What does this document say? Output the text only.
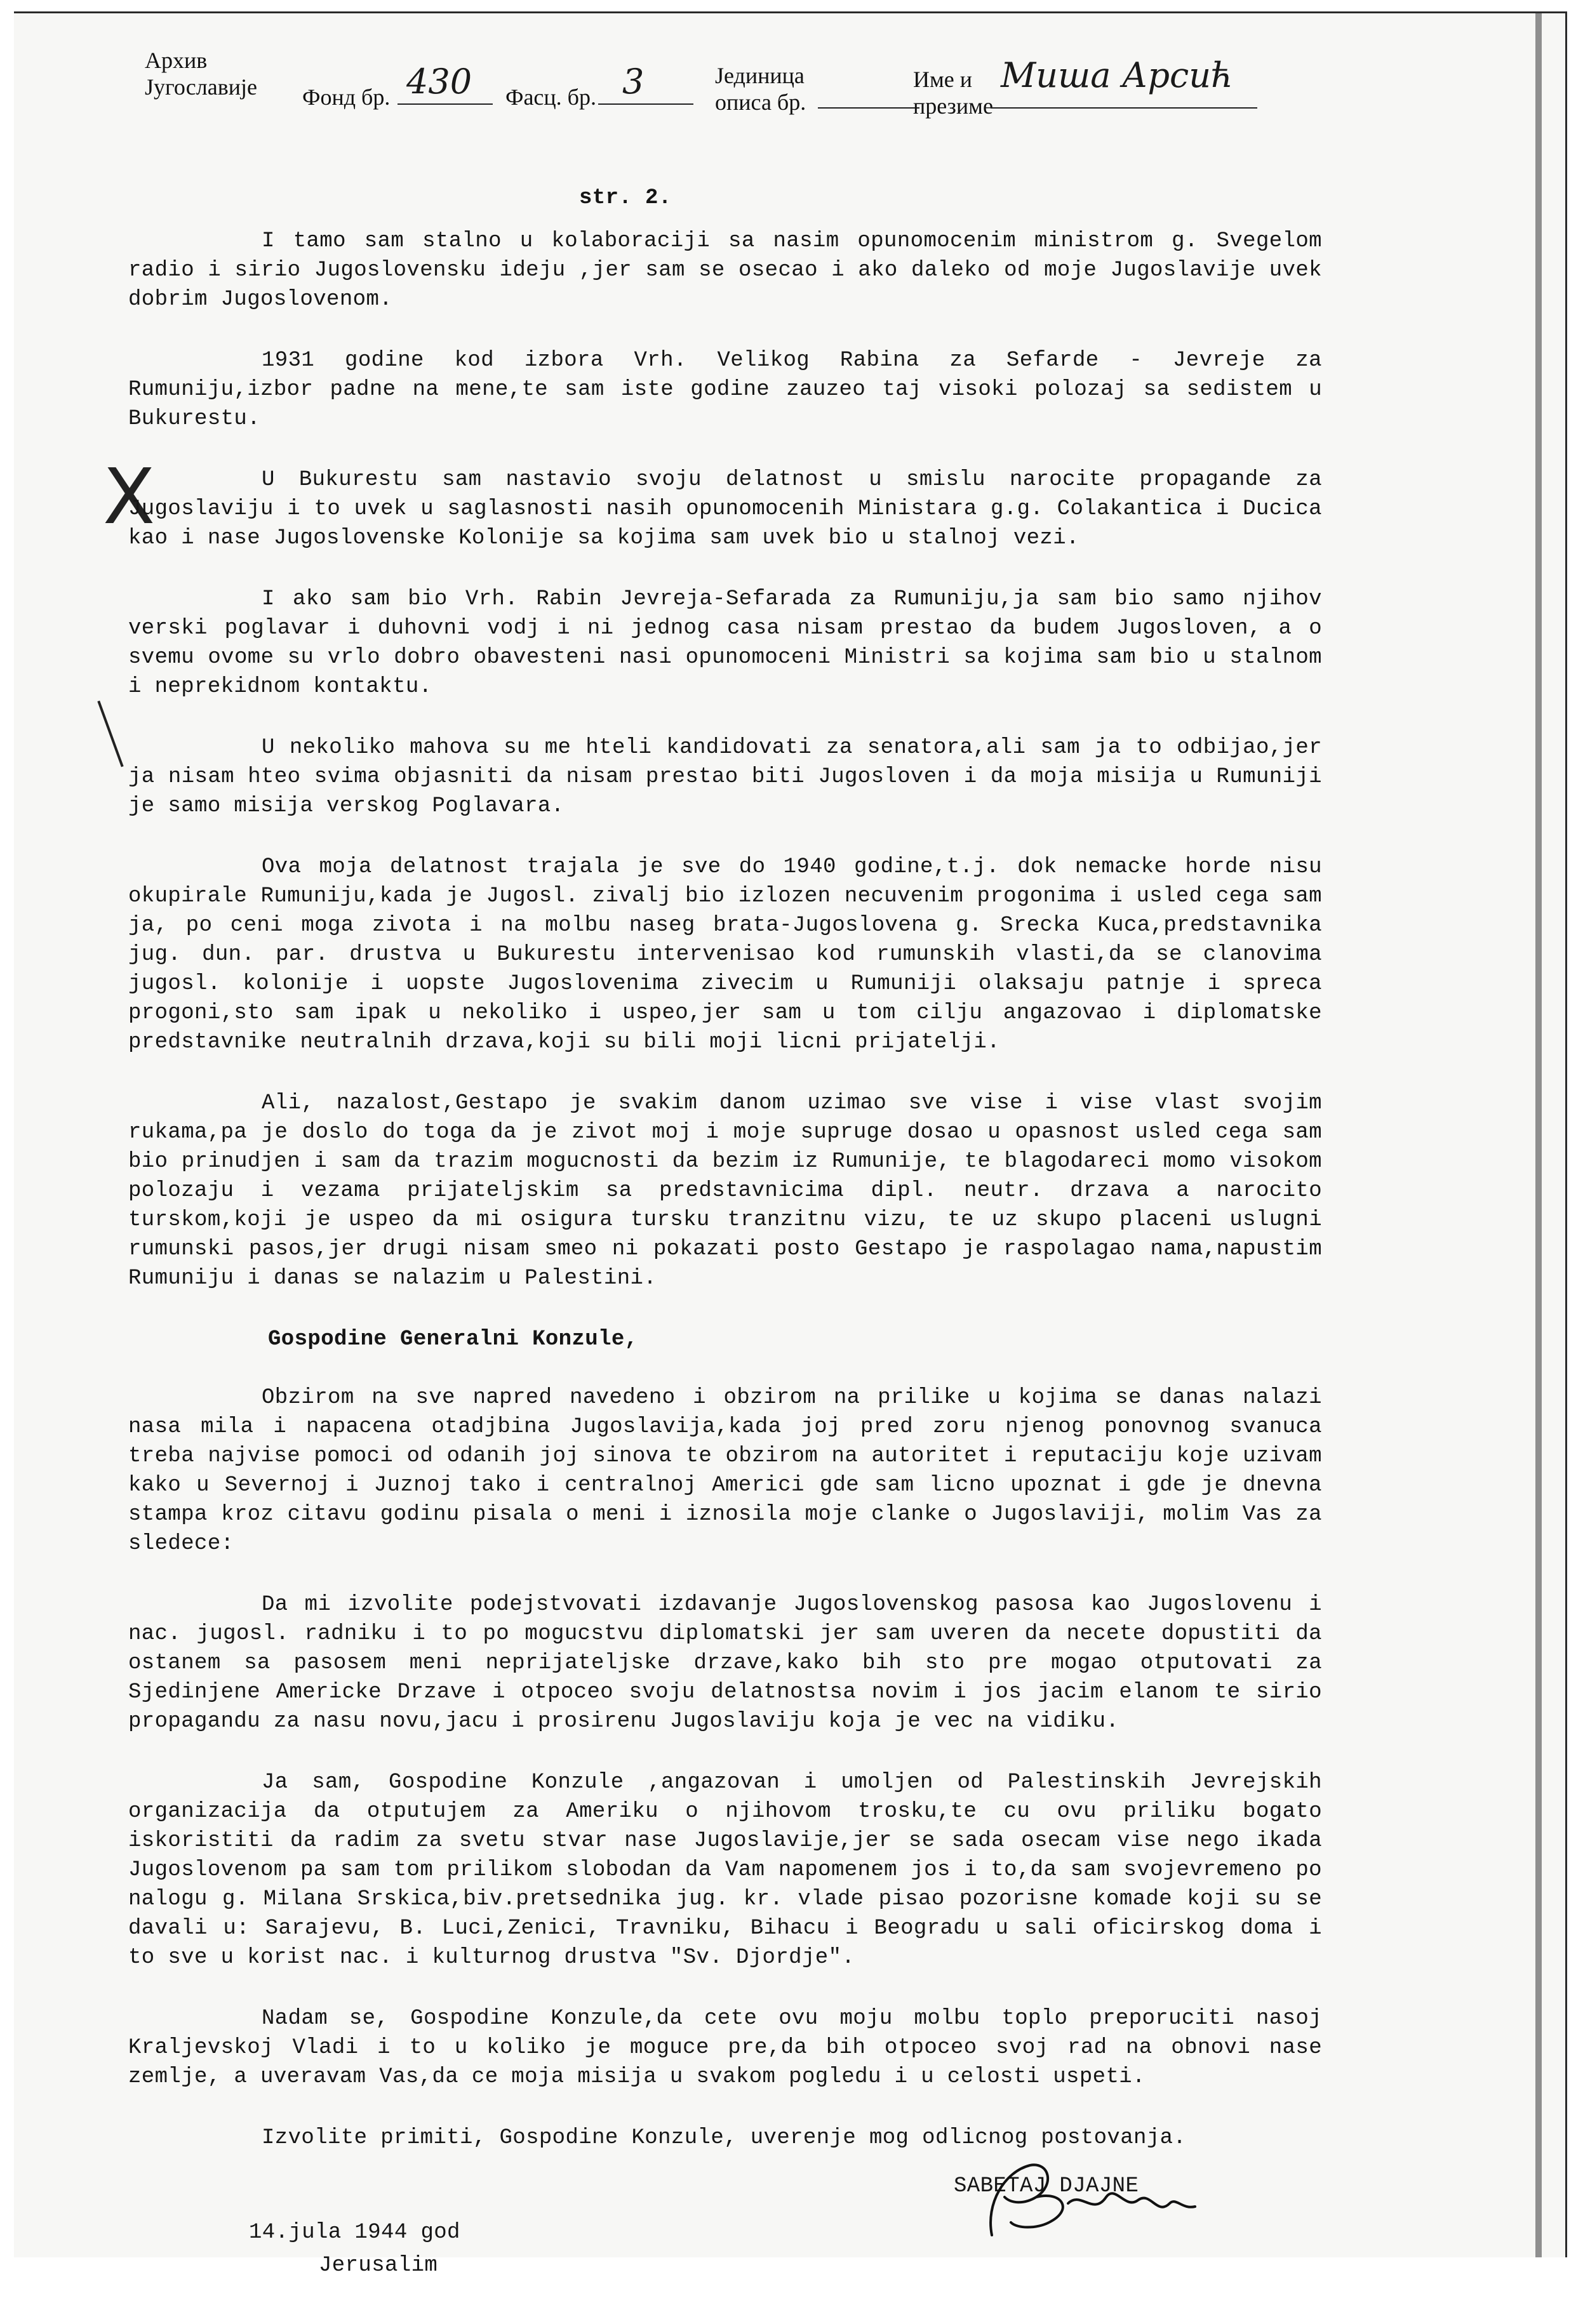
Архив
Југославије Фонд бр. 430 Фасц. бр. 3	Јединица
описа бр.
Име и
презиме
Миша Арсић
X
str. 2.

I tamo sam stalno u kolaboraciji sa nasim opunomocenim ministrom g. Svegelom radio i sirio Jugoslovensku ideju ,jer sam se osecao i ako daleko od moje Jugoslavije uvek dobrim Jugoslovenom.

1931 godine kod izbora Vrh. Velikog Rabina za Sefarde - Jevreje za Rumuniju,izbor padne na mene,te sam iste godine zauzeo taj visoki polozaj sa sedistem u Bukurestu.

U Bukurestu sam nastavio svoju delatnost u smislu narocite propagande za Jugoslaviju i to uvek u saglasnosti nasih opunomocenih Ministara g.g. Colakantica i Ducica kao i nase Jugoslovenske Kolonije sa kojima sam uvek bio u stalnoj vezi.

I ako sam bio Vrh. Rabin Jevreja-Sefarada za Rumuniju,ja sam bio samo njihov verski poglavar i duhovni vodj i ni jednog casa nisam prestao da budem Jugosloven, a o svemu ovome su vrlo dobro obavesteni nasi opunomoceni Ministri sa kojima sam bio u stalnom i neprekidnom kontaktu.

U nekoliko mahova su me hteli kandidovati za senatora,ali sam ja to odbijao,jer ja nisam hteo svima objasniti da nisam prestao biti Jugosloven i da moja misija u Rumuniji je samo misija verskog Poglavara.

Ova moja delatnost trajala je sve do 1940 godine,t.j. dok nemacke horde nisu okupirale Rumuniju,kada je Jugosl. zivalj bio izlozen necuvenim progonima i usled cega sam ja, po ceni moga zivota i na molbu naseg brata-Jugoslovena g. Srecka Kuca,predstavnika jug. dun. par. drustva u Bukurestu intervenisao kod rumunskih vlasti,da se clanovima jugosl. kolonije i uopste Jugoslovenima zivecim u Rumuniji olaksaju patnje i spreca progoni,sto sam ipak u nekoliko i uspeo,jer sam u tom cilju angazovao i diplomatske predstavnike neutralnih drzava,koji su bili moji licni prijatelji.

Ali, nazalost,Gestapo je svakim danom uzimao sve vise i vise vlast svojim rukama,pa je doslo do toga da je zivot moj i moje supruge dosao u opasnost usled cega sam bio prinudjen i sam da trazim mogucnosti da bezim iz Rumunije, te blagodareci momo visokom polozaju i vezama prijateljskim sa predstavnicima dipl. neutr. drzava a narocito turskom,koji je uspeo da mi osigura tursku tranzitnu vizu, te uz skupo placeni uslugni rumunski pasos,jer drugi nisam smeo ni pokazati posto Gestapo je raspolagao nama,napustim Rumuniju i danas se nalazim u Palestini.

Gospodine Generalni Konzule,

Obzirom na sve napred navedeno i obzirom na prilike u kojima se danas nalazi nasa mila i napacena otadjbina Jugoslavija,kada joj pred zoru njenog ponovnog svanuca treba najvise pomoci od odanih joj sinova te obzirom na autoritet i reputaciju koje uzivam kako u Severnoj i Juznoj tako i centralnoj Americi gde sam licno upoznat i gde je dnevna stampa kroz citavu godinu pisala o meni i iznosila moje clanke o Jugoslaviji, molim Vas za sledece:

Da mi izvolite podejstvovati izdavanje Jugoslovenskog pasosa kao Jugoslovenu i nac. jugosl. radniku i to po mogucstvu diplomatski jer sam uveren da necete dopustiti da ostanem sa pasosem meni neprijateljske drzave,kako bih sto pre mogao otputovati za Sjedinjene Americke Drzave i otpoceo svoju delatnostsa novim i jos jacim elanom te sirio propagandu za nasu novu,jacu i prosirenu Jugoslaviju koja je vec na vidiku.

Ja sam, Gospodine Konzule ,angazovan i umoljen od Palestinskih Jevrejskih organizacija da otputujem za Ameriku o njihovom trosku,te cu ovu priliku bogato iskoristiti da radim za svetu stvar nase Jugoslavije,jer se sada osecam vise nego ikada Jugoslovenom pa sam tom prilikom slobodan da Vam napomenem jos i to,da sam svojevremeno po nalogu g. Milana Srskica,biv.pretsednika jug. kr. vlade pisao pozorisne komade koji su se davali u: Sarajevu, B. Luci,Zenici, Travniku, Bihacu i Beogradu u sali oficirskog doma i to sve u korist nac. i kulturnog drustva "Sv. Djordje".

Nadam se, Gospodine Konzule,da cete ovu moju molbu toplo preporuciti nasoj Kraljevskoj Vladi i to u koliko je moguce pre,da bih otpoceo svoj rad na obnovi nase zemlje, a uveravam Vas,da ce moja misija u svakom pogledu i u celosti uspeti.

Izvolite primiti, Gospodine Konzule, uverenje mog odlicnog postovanja.

SABETAJ DJAJNE
14.jula 1944 god
Jerusalim
